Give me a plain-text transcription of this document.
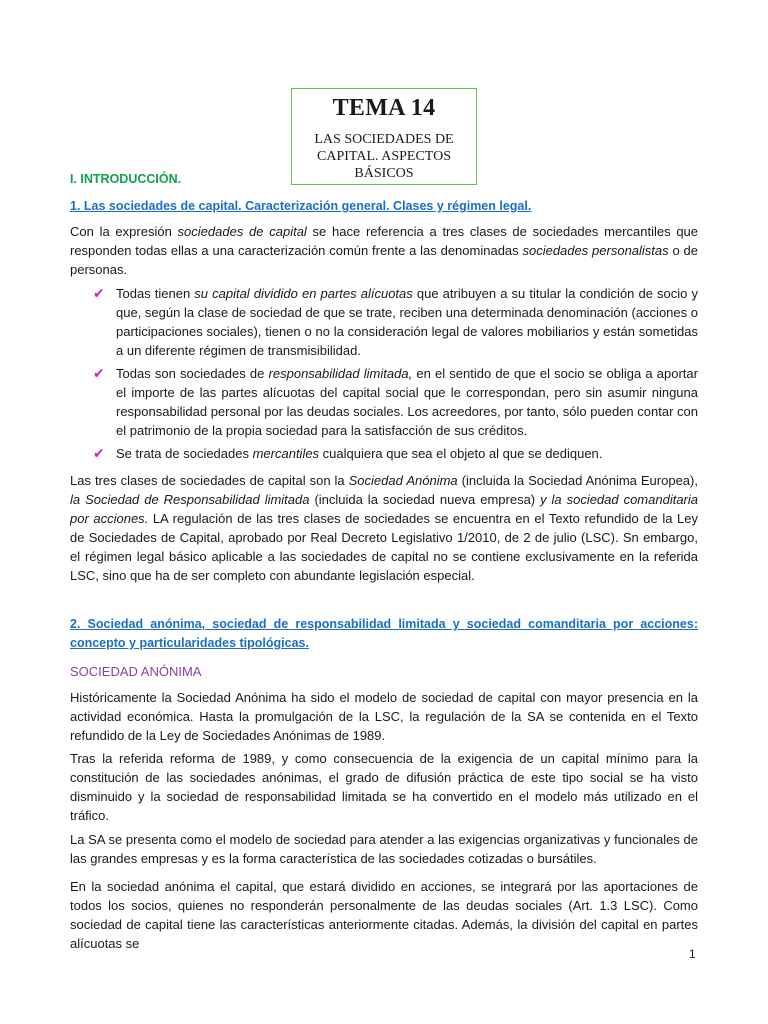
TEMA 14
LAS SOCIEDADES DE CAPITAL. ASPECTOS BÁSICOS
I. INTRODUCCIÓN.
1. Las sociedades de capital. Caracterización general. Clases y régimen legal.
Con la expresión sociedades de capital se hace referencia a tres clases de sociedades mercantiles que responden todas ellas a una caracterización común frente a las denominadas sociedades personalistas o de personas.
✔ Todas tienen su capital dividido en partes alícuotas que atribuyen a su titular la condición de socio y que, según la clase de sociedad de que se trate, reciben una determinada denominación (acciones o participaciones sociales), tienen o no la consideración legal de valores mobiliarios y están sometidas a un diferente régimen de transmisibilidad.
✔ Todas son sociedades de responsabilidad limitada, en el sentido de que el socio se obliga a aportar el importe de las partes alícuotas del capital social que le correspondan, pero sin asumir ninguna responsabilidad personal por las deudas sociales. Los acreedores, por tanto, sólo pueden contar con el patrimonio de la propia sociedad para la satisfacción de sus créditos.
✔ Se trata de sociedades mercantiles cualquiera que sea el objeto al que se dediquen.
Las tres clases de sociedades de capital son la Sociedad Anónima (incluida la Sociedad Anónima Europea), la Sociedad de Responsabilidad limitada (incluida la sociedad nueva empresa) y la sociedad comanditaria por acciones. LA regulación de las tres clases de sociedades se encuentra en el Texto refundido de la Ley de Sociedades de Capital, aprobado por Real Decreto Legislativo 1/2010, de 2 de julio (LSC). Sn embargo, el régimen legal básico aplicable a las sociedades de capital no se contiene exclusivamente en la referida LSC, sino que ha de ser completo con abundante legislación especial.
2. Sociedad anónima, sociedad de responsabilidad limitada y sociedad comanditaria por acciones: concepto y particularidades tipológicas.
SOCIEDAD ANÓNIMA
Históricamente la Sociedad Anónima ha sido el modelo de sociedad de capital con mayor presencia en la actividad económica. Hasta la promulgación de la LSC, la regulación de la SA se contenida en el Texto refundido de la Ley de Sociedades Anónimas de 1989.
Tras la referida reforma de 1989, y como consecuencia de la exigencia de un capital mínimo para la constitución de las sociedades anónimas, el grado de difusión práctica de este tipo social se ha visto disminuido y la sociedad de responsabilidad limitada se ha convertido en el modelo más utilizado en el tráfico.
La SA se presenta como el modelo de sociedad para atender a las exigencias organizativas y funcionales de las grandes empresas y es la forma característica de las sociedades cotizadas o bursátiles.
En la sociedad anónima el capital, que estará dividido en acciones, se integrará por las aportaciones de todos los socios, quienes no responderán personalmente de las deudas sociales (Art. 1.3 LSC). Como sociedad de capital tiene las características anteriormente citadas. Además, la división del capital en partes alícuotas se
1
